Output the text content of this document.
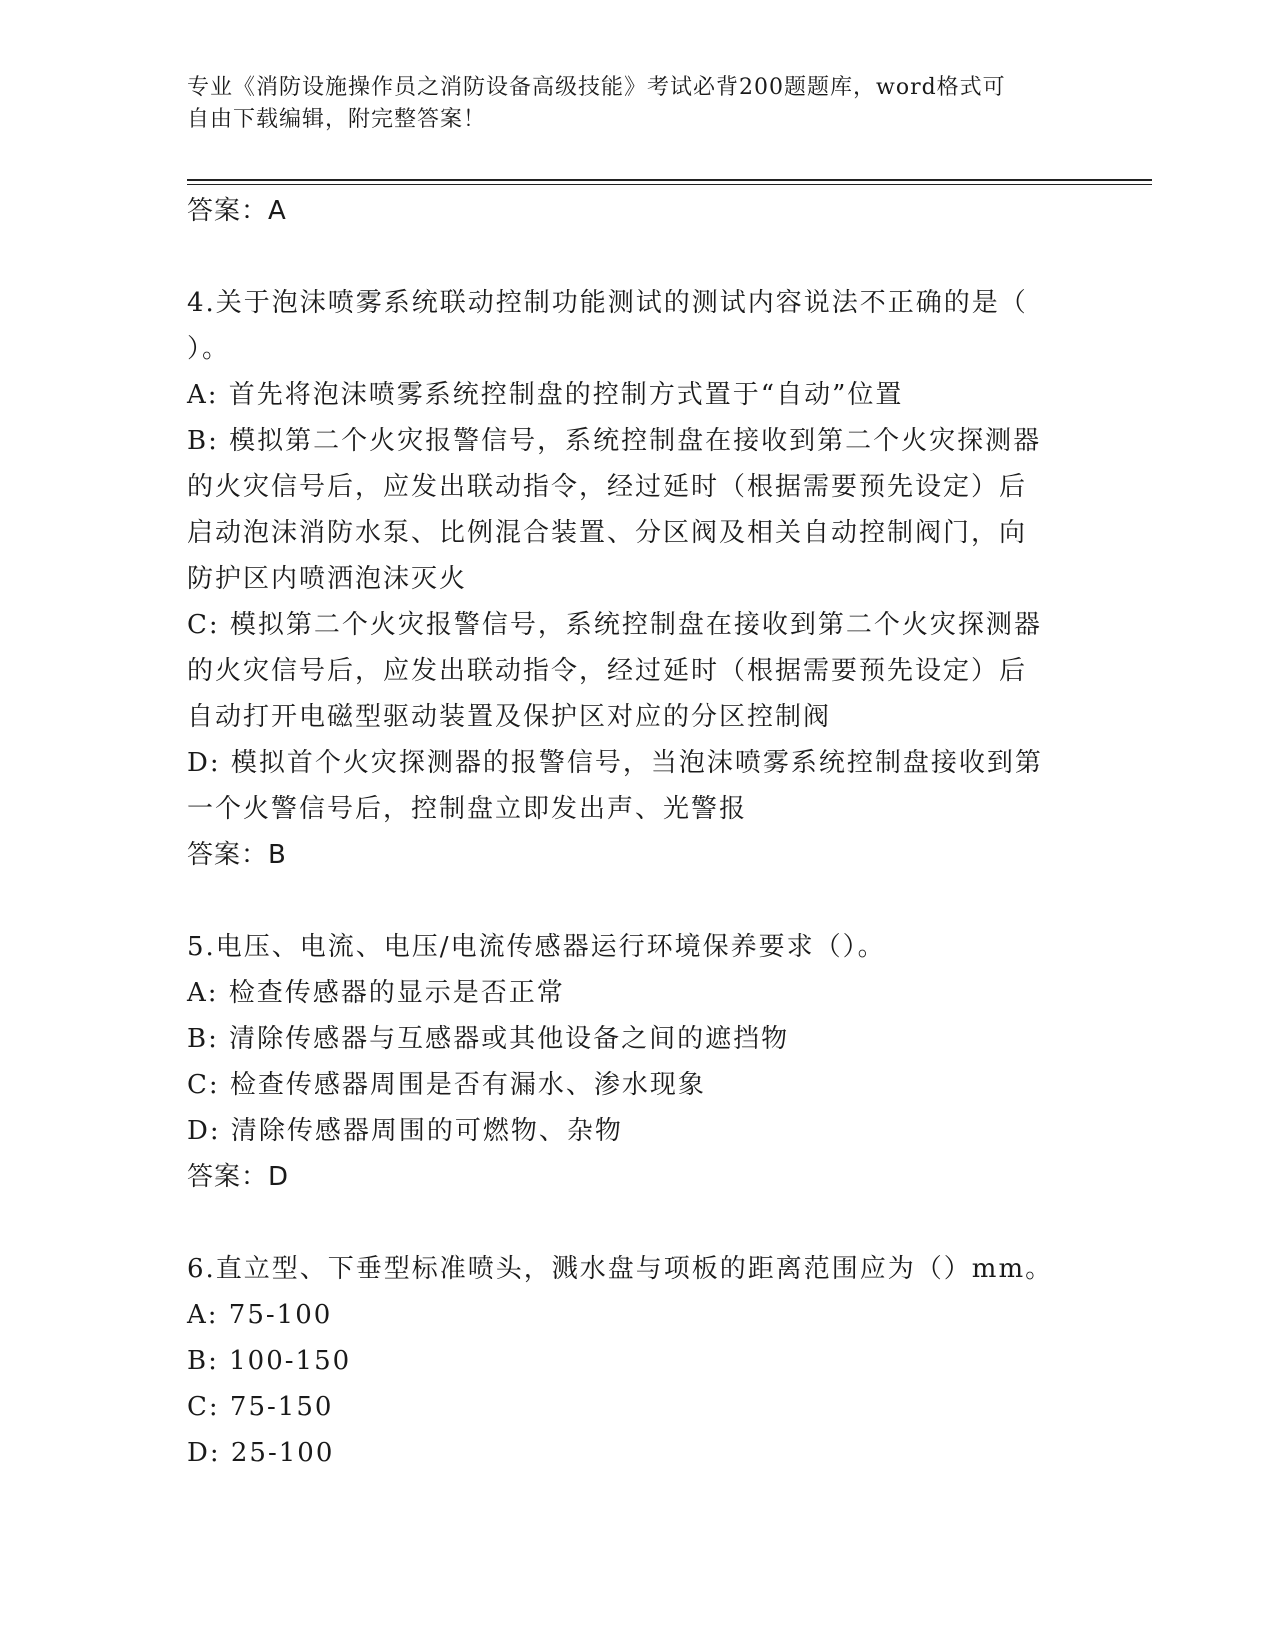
专业《消防设施操作员之消防设备高级技能》考试必背200题题库，word格式可
自由下载编辑，附完整答案！
答案：A
4.关于泡沫喷雾系统联动控制功能测试的测试内容说法不正确的是（
）。
A: 首先将泡沫喷雾系统控制盘的控制方式置于“自动”位置
B: 模拟第二个火灾报警信号，系统控制盘在接收到第二个火灾探测器
的火灾信号后，应发出联动指令，经过延时（根据需要预先设定）后
启动泡沫消防水泵、比例混合装置、分区阀及相关自动控制阀门，向
防护区内喷洒泡沫灭火
C: 模拟第二个火灾报警信号，系统控制盘在接收到第二个火灾探测器
的火灾信号后，应发出联动指令，经过延时（根据需要预先设定）后
自动打开电磁型驱动装置及保护区对应的分区控制阀
D: 模拟首个火灾探测器的报警信号，当泡沫喷雾系统控制盘接收到第
一个火警信号后，控制盘立即发出声、光警报
答案：B
5.电压、电流、电压/电流传感器运行环境保养要求（）。
A: 检查传感器的显示是否正常
B: 清除传感器与互感器或其他设备之间的遮挡物
C: 检查传感器周围是否有漏水、渗水现象
D: 清除传感器周围的可燃物、杂物
答案：D
6.直立型、下垂型标准喷头，溅水盘与项板的距离范围应为（）mm。
A: 75-100
B: 100-150
C: 75-150
D: 25-100
